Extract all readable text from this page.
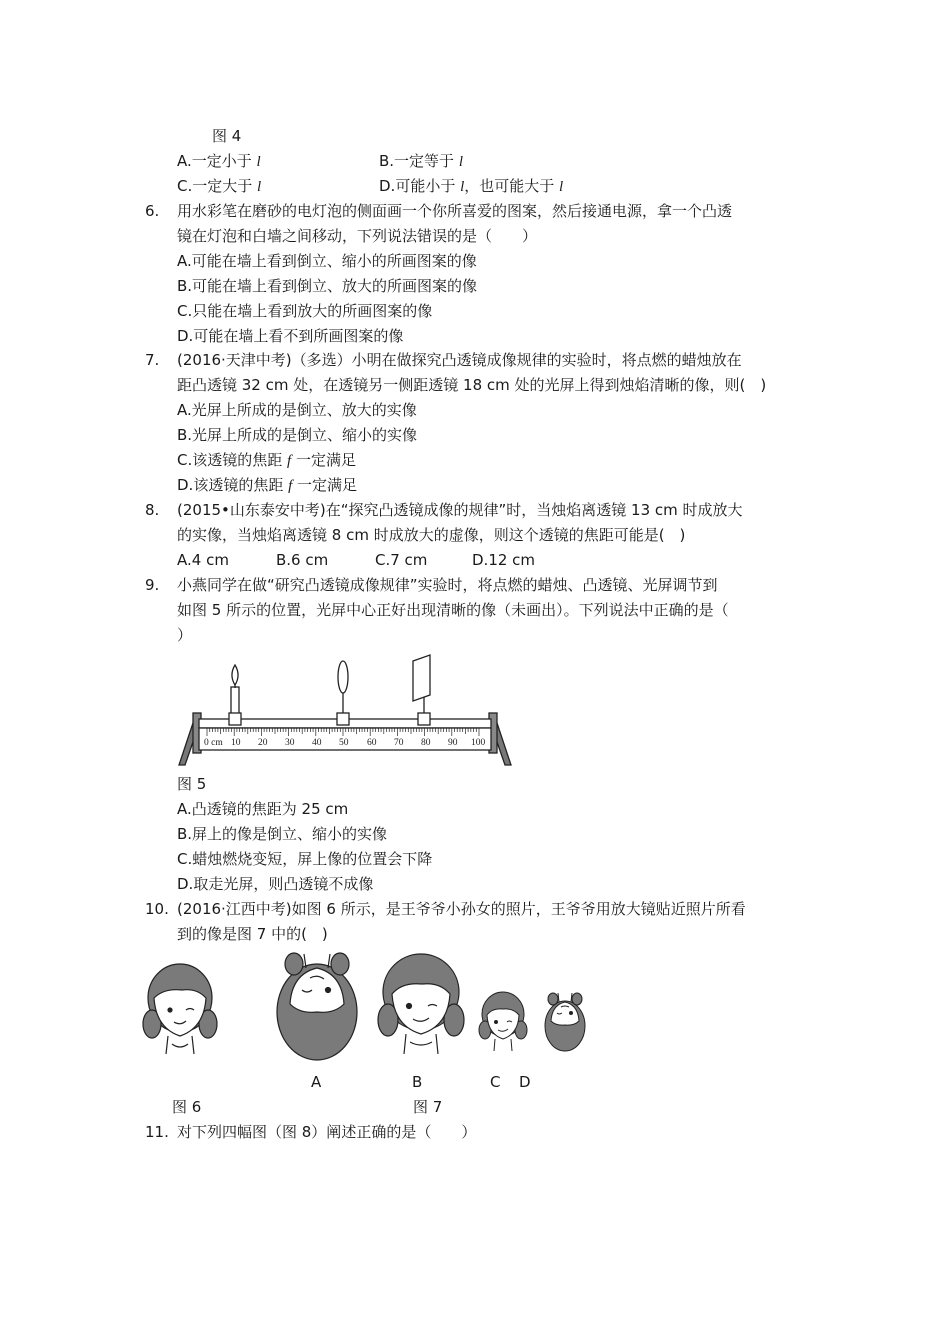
图 4
A.一定小于 l	B.一定等于 l
C.一定大于 l	D.可能小于 l，也可能大于 l
6. 用水彩笔在磨砂的电灯泡的侧面画一个你所喜爱的图案，然后接通电源，拿一个凸透
镜在灯泡和白墙之间移动，下列说法错误的是（　　）
A.可能在墙上看到倒立、缩小的所画图案的像
B.可能在墙上看到倒立、放大的所画图案的像
C.只能在墙上看到放大的所画图案的像
D.可能在墙上看不到所画图案的像
7. (2016·天津中考)（多选）小明在做探究凸透镜成像规律的实验时，将点燃的蜡烛放在
距凸透镜 32 cm 处，在透镜另一侧距透镜 18 cm 处的光屏上得到烛焰清晰的像，则(　)
A.光屏上所成的是倒立、放大的实像
B.光屏上所成的是倒立、缩小的实像
C.该透镜的焦距 f 一定满足
D.该透镜的焦距 f 一定满足
8. (2015•山东泰安中考)在“探究凸透镜成像的规律”时，当烛焰离透镜 13 cm 时成放大
的实像，当烛焰离透镜 8 cm 时成放大的虚像，则这个透镜的焦距可能是(　)
A.4 cm	B.6 cm	C.7 cm	D.12 cm
9. 小燕同学在做“研究凸透镜成像规律”实验时，将点燃的蜡烛、凸透镜、光屏调节到
如图 5 所示的位置，光屏中心正好出现清晰的像（未画出）。下列说法中正确的是（
）
0 cm 10 20 30 40 50 60 70 80 90 100
图 5
A.凸透镜的焦距为 25 cm
B.屏上的像是倒立、缩小的实像
C.蜡烛燃烧变短，屏上像的位置会下降
D.取走光屏，则凸透镜不成像
10. (2016·江西中考)如图 6 所示，是王爷爷小孙女的照片，王爷爷用放大镜贴近照片所看
到的像是图 7 中的(　)
A	B	C D
图 6	图 7
11. 对下列四幅图（图 8）阐述正确的是（　　）
